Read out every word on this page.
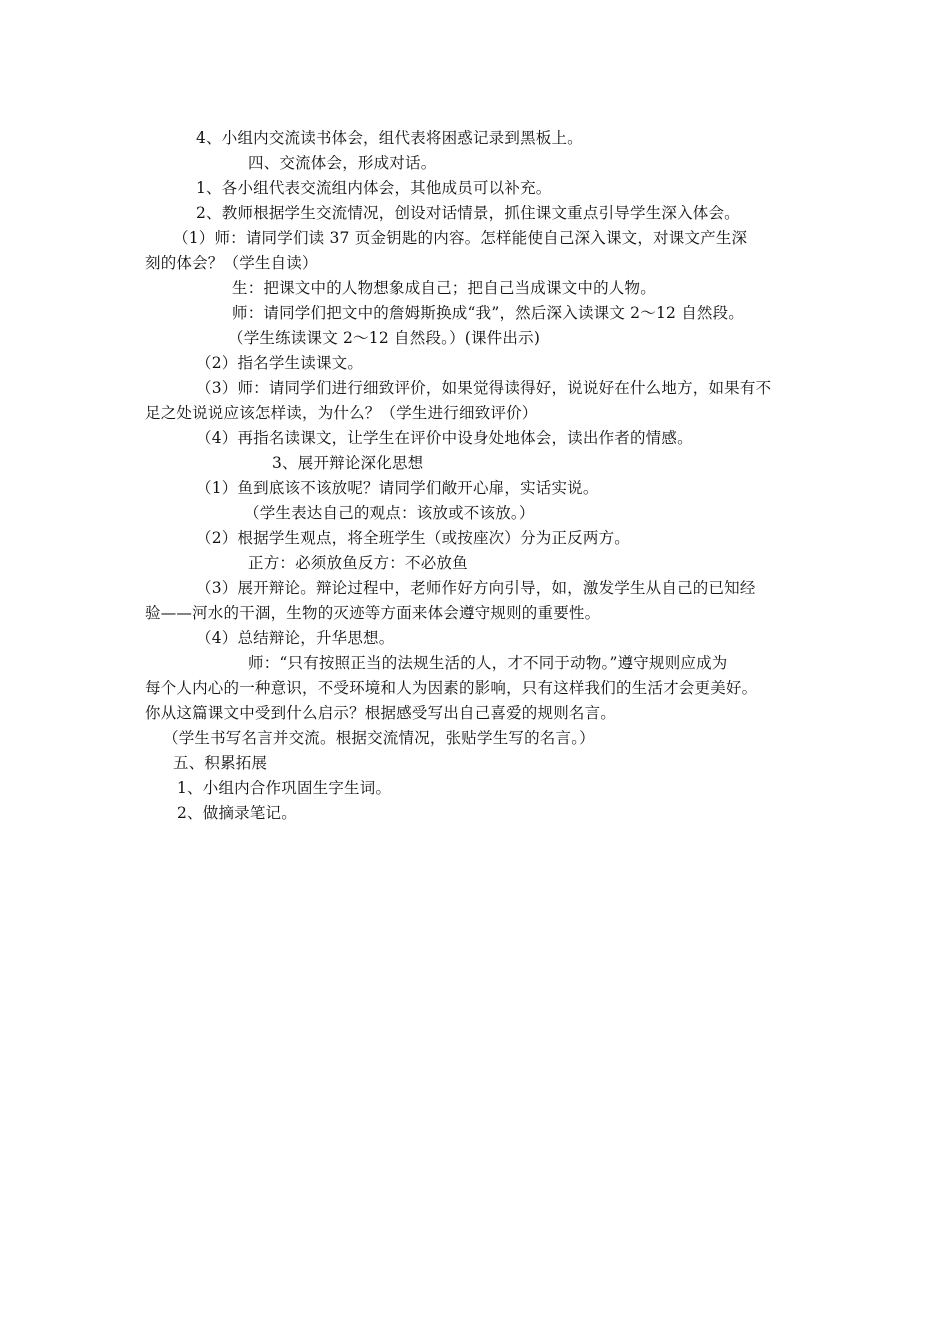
4、小组内交流读书体会，组代表将困惑记录到黑板上。
四、交流体会，形成对话。
1、各小组代表交流组内体会，其他成员可以补充。
2、教师根据学生交流情况，创设对话情景，抓住课文重点引导学生深入体会。
（1）师：请同学们读 37 页金钥匙的内容。怎样能使自己深入课文，对课文产生深
刻的体会？（学生自读）
生：把课文中的人物想象成自己；把自己当成课文中的人物。
师：请同学们把文中的詹姆斯换成“我”，然后深入读课文 2～12 自然段。
（学生练读课文 2～12 自然段。）(课件出示)
（2）指名学生读课文。
（3）师：请同学们进行细致评价，如果觉得读得好，说说好在什么地方，如果有不
足之处说说应该怎样读，为什么？（学生进行细致评价）
（4）再指名读课文，让学生在评价中设身处地体会，读出作者的情感。
3、展开辩论深化思想
（1）鱼到底该不该放呢？请同学们敞开心扉，实话实说。
（学生表达自己的观点：该放或不该放。）
（2）根据学生观点，将全班学生（或按座次）分为正反两方。
正方：必须放鱼反方：不必放鱼
（3）展开辩论。辩论过程中，老师作好方向引导，如，激发学生从自己的已知经
验——河水的干涸，生物的灭迹等方面来体会遵守规则的重要性。
（4）总结辩论，升华思想。
师：“只有按照正当的法规生活的人，才不同于动物。”遵守规则应成为
每个人内心的一种意识，不受环境和人为因素的影响，只有这样我们的生活才会更美好。
你从这篇课文中受到什么启示？根据感受写出自己喜爱的规则名言。
（学生书写名言并交流。根据交流情况，张贴学生写的名言。）
五、积累拓展
1、小组内合作巩固生字生词。
2、做摘录笔记。
